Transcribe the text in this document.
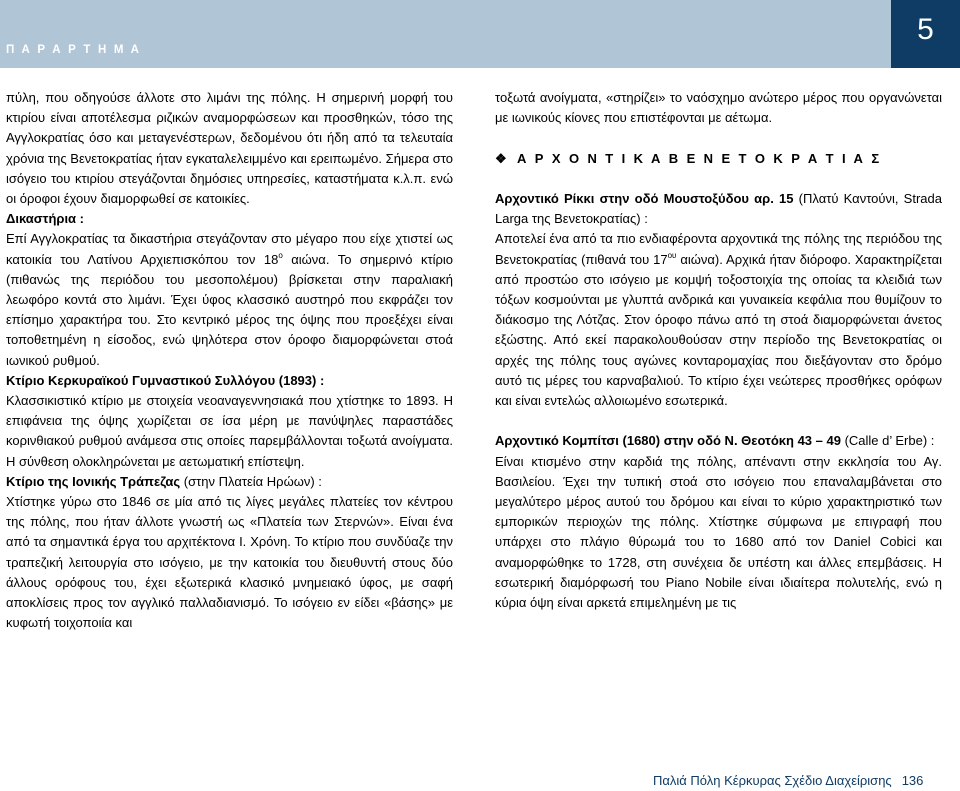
Π Α Ρ Α Ρ Τ Η Μ Α
5

πύλη, που οδηγούσε άλλοτε στο λιμάνι της πόλης. Η σημερινή μορφή του κτιρίου είναι αποτέλεσμα ριζικών αναμορφώσεων και προσθηκών, τόσο της Αγγλοκρατίας όσο και μεταγενέστερων, δεδομένου ότι ήδη από τα τελευταία χρόνια της Βενετοκρατίας ήταν εγκαταλελειμμένο και ερειπωμένο. Σήμερα στο ισόγειο του κτιρίου στεγάζονται δημόσιες υπηρεσίες, καταστήματα κ.λ.π. ενώ οι όροφοι έχουν διαμορφωθεί σε κατοικίες.

Δικαστήρια :

Επί Αγγλοκρατίας τα δικαστήρια στεγάζονταν στο μέγαρο που είχε χτιστεί ως κατοικία του Λατίνου Αρχιεπισκόπου τον $18^o$ αιώνα. Το σημερινό κτίριο (πιθανώς της περιόδου του μεσοπολέμου) βρίσκεται στην παραλιακή λεωφόρο κοντά στο λιμάνι. Έχει ύφος κλασσικό αυστηρό που εκφράζει τον επίσημο χαρακτήρα του. Στο κεντρικό μέρος της όψης που προεξέχει είναι τοποθετημένη η είσοδος, ενώ ψηλότερα στον όροφο διαμορφώνεται στοά ιωνικού ρυθμού.

Κτίριο Κερκυραϊκού Γυμναστικού Συλλόγου (1893) :

Κλασσικιστικό κτίριο με στοιχεία νεοαναγεννησιακά που χτίστηκε το 1893. Η επιφάνεια της όψης χωρίζεται σε ίσα μέρη με πανύψηλες παραστάδες κορινθιακού ρυθμού ανάμεσα στις οποίες παρεμβάλλονται τοξωτά ανοίγματα. Η σύνθεση ολοκληρώνεται με αετωματική επίστεψη.

Κτίριο της Ιονικής Τράπεζας (στην Πλατεία Ηρώων) :

Χτίστηκε γύρω στο 1846 σε μία από τις λίγες μεγάλες πλατείες τον κέντρου της πόλης, που ήταν άλλοτε γνωστή ως «Πλατεία των Στερνών». Είναι ένα από τα σημαντικά έργα του αρχιτέκτονα Ι. Χρόνη. Το κτίριο που συνδύαζε την τραπεζική λειτουργία στο ισόγειο, με την κατοικία του διευθυντή στους δύο άλλους ορόφους του, έχει εξωτερικά κλασικό μνημειακό ύφος, με σαφή αποκλίσεις προς τον αγγλικό παλλαδιανισμό. Το ισόγειο εν είδει «βάσης» με κυφωτή τοιχοποιία και

τοξωτά ανοίγματα, «στηρίζει» το ναόσχημο ανώτερο μέρος που οργανώνεται με ιωνικούς κίονες που επιστέφονται με αέτωμα.

❖ Α Ρ Χ Ο Ν Τ Ι Κ Α Β Ε Ν Ε Τ Ο Κ Ρ Α Τ Ι Α Σ

Αρχοντικό Ρίκκι στην οδό Μουστοξύδου αρ. 15 (Πλατύ Καντούνι, Strada Larga της Βενετοκρατίας) :

Αποτελεί ένα από τα πιο ενδιαφέροντα αρχοντικά της πόλης της περιόδου της Βενετοκρατίας (πιθανά του $17^{o\upsilon}$ αιώνα). Αρχικά ήταν διόροφο. Χαρακτηρίζεται από προστώο στο ισόγειο με κομψή τοξοστοιχία της οποίας τα κλειδιά των τόξων κοσμούνται με γλυπτά ανδρικά και γυναικεία κεφάλια που θυμίζουν το διάκοσμο της Λότζας. Στον όροφο πάνω από τη στοά διαμορφώνεται άνετος εξώστης. Από εκεί παρακολουθούσαν στην περίοδο της Βενετοκρατίας οι αρχές της πόλης τους αγώνες κονταρομαχίας που διεξάγονταν στο δρόμο αυτό τις μέρες του καρναβαλιού. Το κτίριο έχει νεώτερες προσθήκες ορόφων και είναι εντελώς αλλοιωμένο εσωτερικά.

Αρχοντικό Κομπίτσι (1680) στην οδό Ν. Θεοτόκη 43 – 49 (Calle d’ Erbe) :

Είναι κτισμένο στην καρδιά της πόλης, απέναντι στην εκκλησία του Αγ. Βασιλείου. Έχει την τυπική στοά στο ισόγειο που επαναλαμβάνεται στο μεγαλύτερο μέρος αυτού του δρόμου και είναι το κύριο χαρακτηριστικό των εμπορικών περιοχών της πόλης. Χτίστηκε σύμφωνα με επιγραφή που υπάρχει στο πλάγιο θύρωμά του το 1680 από τον Daniel Cobici και αναμορφώθηκε το 1728, στη συνέχεια δε υπέστη και άλλες επεμβάσεις. Η εσωτερική διαμόρφωσή του Piano Nobile είναι ιδιαίτερα πολυτελής, ενώ η κύρια όψη είναι αρκετά επιμελημένη με τις

Παλιά Πόλη Κέρκυρας Σχέδιο Διαχείρισης 136
